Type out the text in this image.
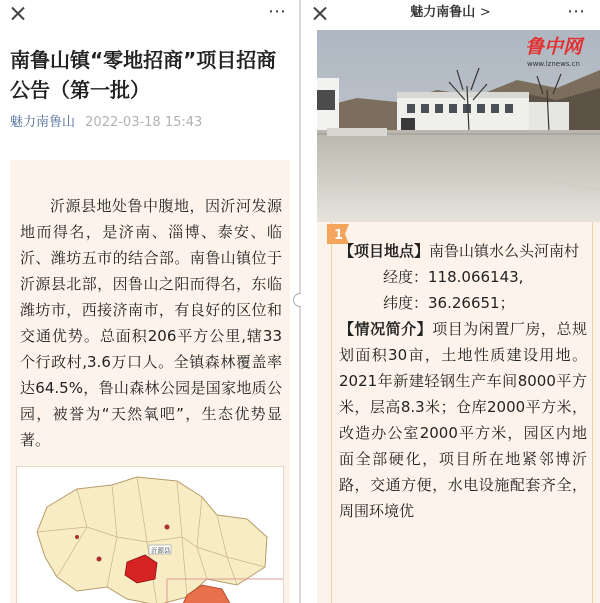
⋯
南鲁山镇“零地招商”项目招商公告（第一批）
魅力南鲁山 2022-03-18 15:43

沂源县地处鲁中腹地，因沂河发源地而得名，是济南、淄博、泰安、临沂、潍坊五市的结合部。南鲁山镇位于沂源县北部，因鲁山之阳而得名，东临潍坊市，西接济南市，有良好的区位和交通优势。总面积206平方公里,辖33个行政村,3.6万口人。全镇森林覆盖率达64.5%，鲁山森林公园是国家地质公园，被誉为“天然氧吧”，生态优势显著。

沂源县
魅力南鲁山 >	⋯
鲁中网
www.lznews.cn
1
【项目地点】南鲁山镇水么头河南村
经度：118.066143,
纬度：36.26651；
【情况简介】项目为闲置厂房，总规划面积30亩，土地性质建设用地。2021年新建轻钢生产车间8000平方米，层高8.3米；仓库2000平方米，改造办公室2000平方米，园区内地面全部硬化，项目所在地紧邻博沂路，交通方便，水电设施配套齐全，周围环境优
